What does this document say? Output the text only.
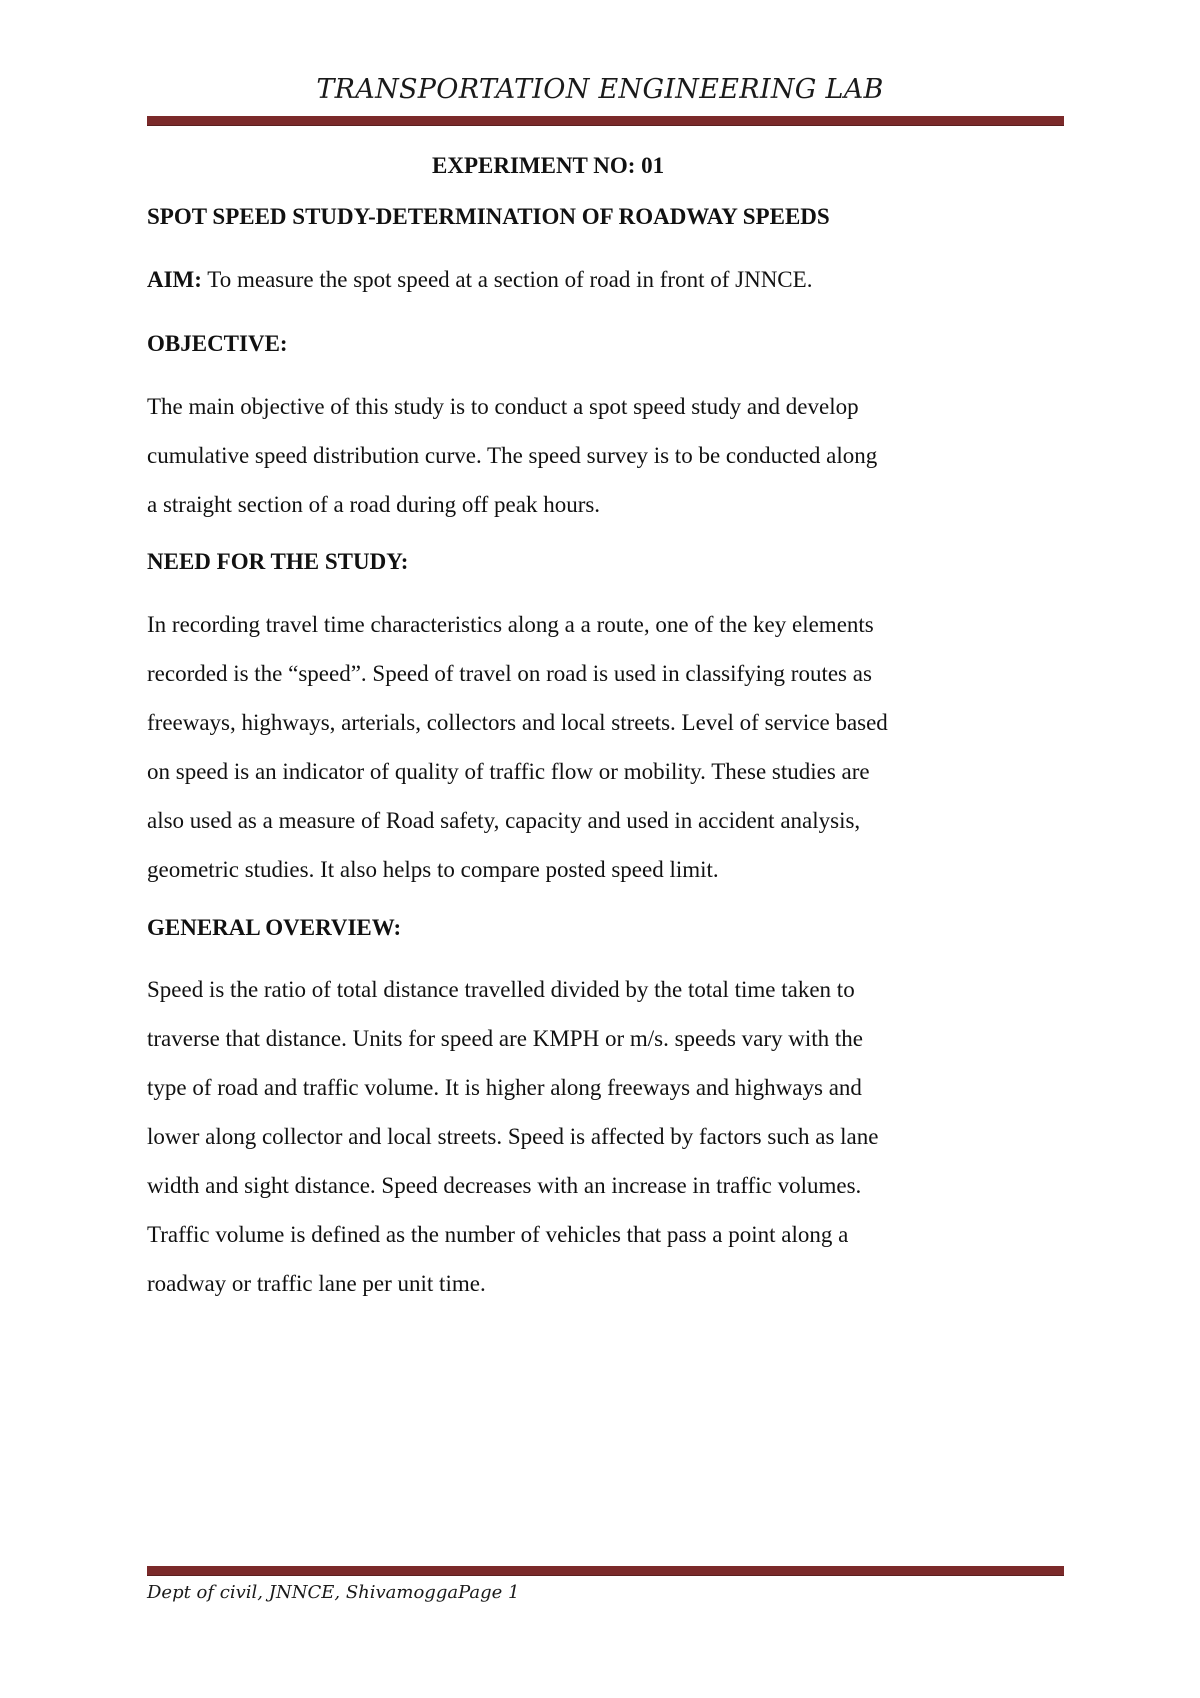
TRANSPORTATION ENGINEERING LAB
EXPERIMENT NO: 01
SPOT SPEED STUDY-DETERMINATION OF ROADWAY SPEEDS
AIM: To measure the spot speed at a section of road in front of JNNCE.
OBJECTIVE:
The main objective of this study is to conduct a spot speed study and develop
cumulative speed distribution curve. The speed survey is to be conducted along
a straight section of a road during off peak hours.
NEED FOR THE STUDY:
In recording travel time characteristics along a a route, one of the key elements
recorded is the “speed”. Speed of travel on road is used in classifying routes as
freeways, highways, arterials, collectors and local streets. Level of service based
on speed is an indicator of quality of traffic flow or mobility. These studies are
also used as a measure of Road safety, capacity and used in accident analysis,
geometric studies. It also helps to compare posted speed limit.
GENERAL OVERVIEW:
Speed is the ratio of total distance travelled divided by the total time taken to
traverse that distance. Units for speed are KMPH or m/s. speeds vary with the
type of road and traffic volume. It is higher along freeways and highways and
lower along collector and local streets. Speed is affected by factors such as lane
width and sight distance. Speed decreases with an increase in traffic volumes.
Traffic volume is defined as the number of vehicles that pass a point along a
roadway or traffic lane per unit time.
Dept of civil, JNNCE, ShivamoggaPage 1
